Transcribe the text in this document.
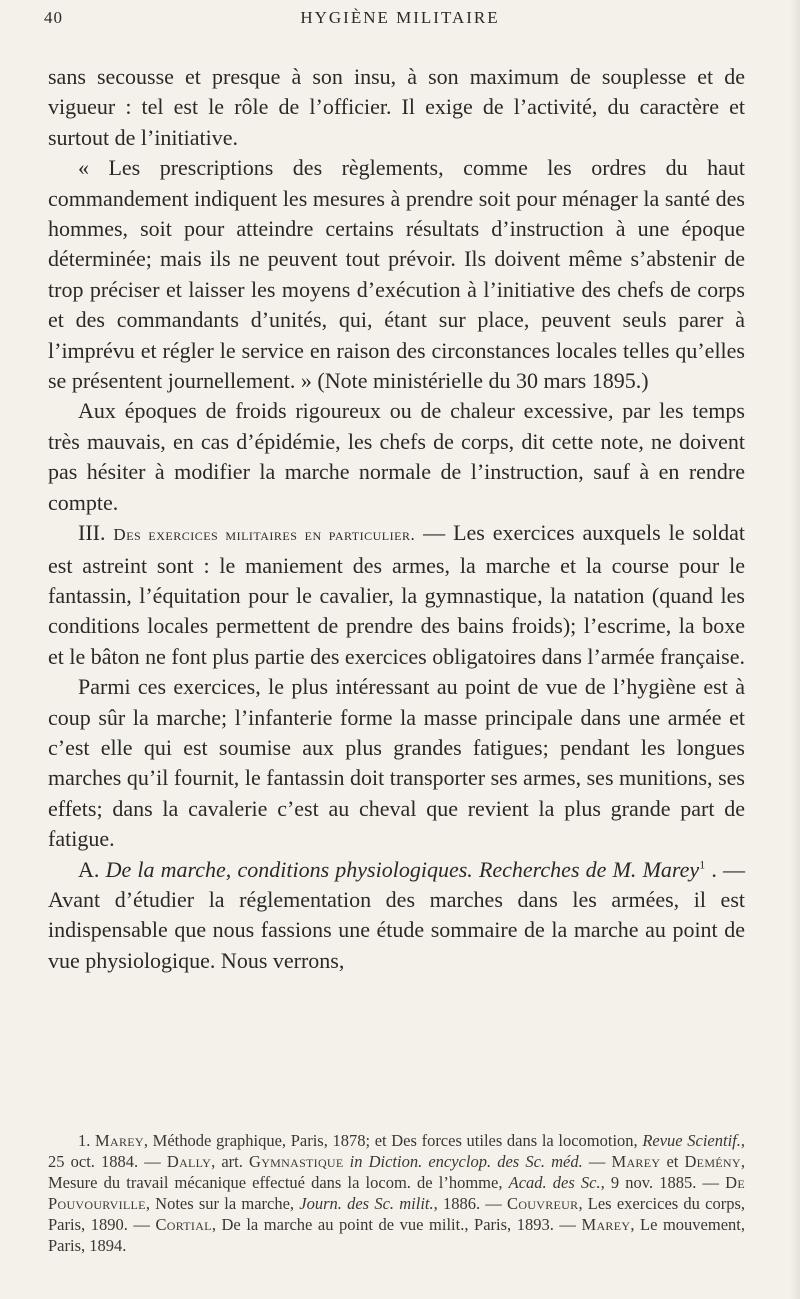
40	HYGIÈNE MILITAIRE

sans secousse et presque à son insu, à son maximum de souplesse et de vigueur : tel est le rôle de l’officier. Il exige de l’activité, du caractère et surtout de l’initiative.

« Les prescriptions des règlements, comme les ordres du haut commandement indiquent les mesures à prendre soit pour ménager la santé des hommes, soit pour atteindre certains résultats d’instruction à une époque déterminée; mais ils ne peuvent tout prévoir. Ils doivent même s’abstenir de trop préciser et laisser les moyens d’exécution à l’initiative des chefs de corps et des commandants d’unités, qui, étant sur place, peuvent seuls parer à l’imprévu et régler le service en raison des circonstances locales telles qu’elles se présentent journellement. » (Note ministérielle du 30 mars 1895.)

Aux époques de froids rigoureux ou de chaleur excessive, par les temps très mauvais, en cas d’épidémie, les chefs de corps, dit cette note, ne doivent pas hésiter à modifier la marche normale de l’instruction, sauf à en rendre compte.

III. Des exercices militaires en particulier. — Les exercices auxquels le soldat est astreint sont : le maniement des armes, la marche et la course pour le fantassin, l’équitation pour le cavalier, la gymnastique, la natation (quand les conditions locales permettent de prendre des bains froids); l’escrime, la boxe et le bâton ne font plus partie des exercices obligatoires dans l’armée française.

Parmi ces exercices, le plus intéressant au point de vue de l’hygiène est à coup sûr la marche; l’infanterie forme la masse principale dans une armée et c’est elle qui est soumise aux plus grandes fatigues; pendant les longues marches qu’il fournit, le fantassin doit transporter ses armes, ses munitions, ses effets; dans la cavalerie c’est au cheval que revient la plus grande part de fatigue.

A. De la marche, conditions physiologiques. Recherches de M. Marey$^1$ . — Avant d’étudier la réglementation des marches dans les armées, il est indispensable que nous fassions une étude sommaire de la marche au point de vue physiologique. Nous verrons,

1. Marey, Méthode graphique, Paris, 1878; et Des forces utiles dans la locomotion, Revue Scientif., 25 oct. 1884. — Dally, art. Gymnastique in Diction. encyclop. des Sc. méd. — Marey et Demény, Mesure du travail mécanique effectué dans la locom. de l’homme, Acad. des Sc., 9 nov. 1885. — De Pouvourville, Notes sur la marche, Journ. des Sc. milit., 1886. — Couvreur, Les exercices du corps, Paris, 1890. — Cortial, De la marche au point de vue milit., Paris, 1893. — Marey, Le mouvement, Paris, 1894.
